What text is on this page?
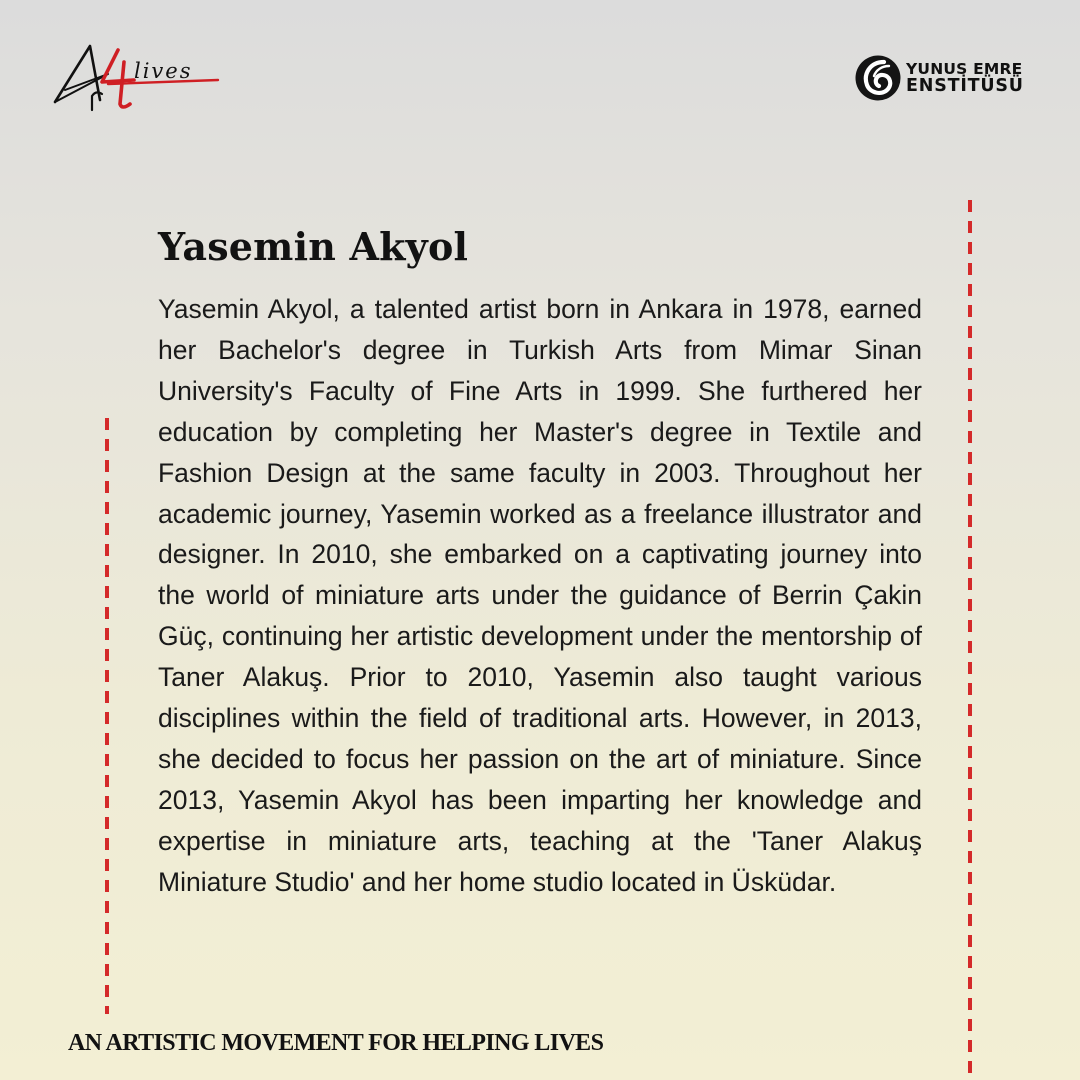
lives	YUNUS EMRE
ENSTİTÜSÜ
Yasemin Akyol

Yasemin Akyol, a talented artist born in Ankara in 1978, earned her Bachelor's degree in Turkish Arts from Mimar Sinan University's Faculty of Fine Arts in 1999. She furthered her education by completing her Master's degree in Textile and Fashion Design at the same faculty in 2003. Throughout her academic journey, Yasemin worked as a freelance illustrator and designer. In 2010, she embarked on a captivating journey into the world of miniature arts under the guidance of Berrin Çakin Güç, continuing her artistic development under the mentorship of Taner Alakuş. Prior to 2010, Yasemin also taught various disciplines within the field of traditional arts. However, in 2013, she decided to focus her passion on the art of miniature. Since 2013, Yasemin Akyol has been imparting her knowledge and expertise in miniature arts, teaching at the 'Taner Alakuş Miniature Studio' and her home studio located in Üsküdar.

AN ARTISTIC MOVEMENT FOR HELPING LIVES
